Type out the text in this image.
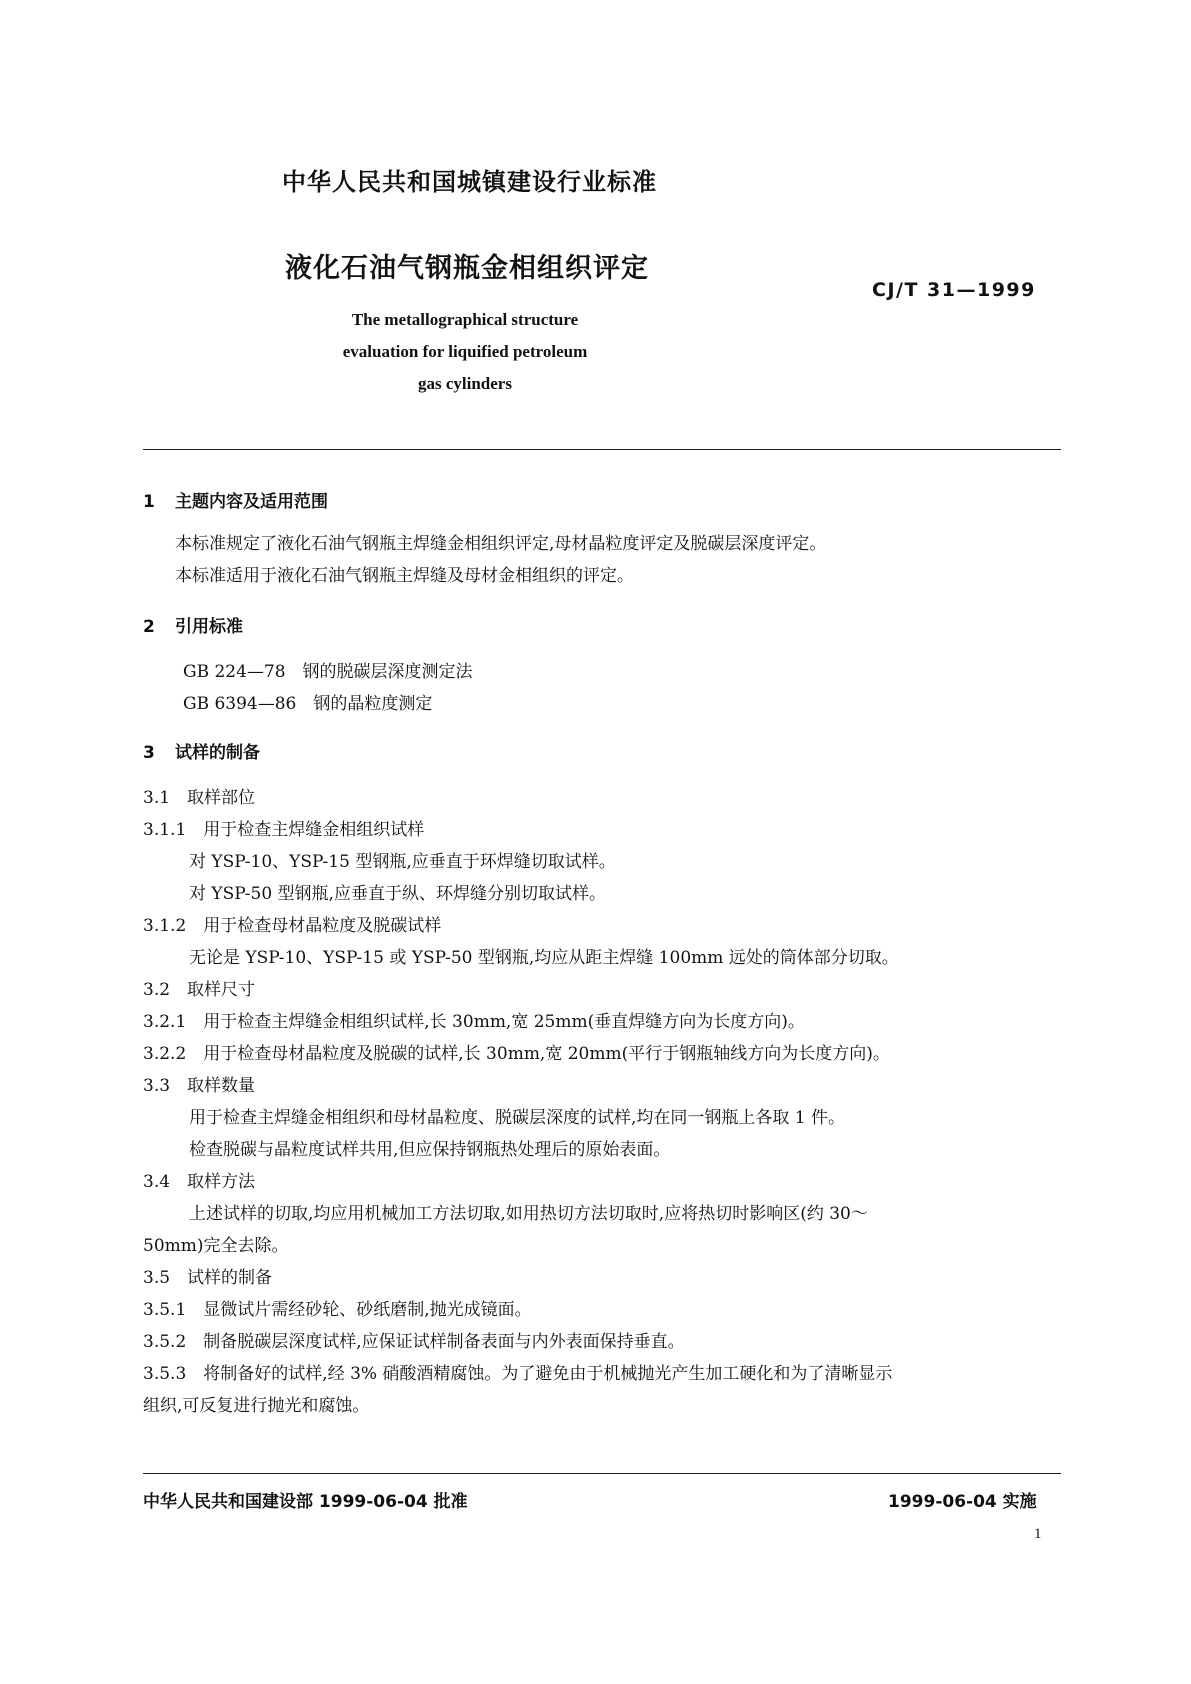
中华人民共和国城镇建设行业标准
液化石油气钢瓶金相组织评定
CJ/T 31—1999
The metallographical structure
evaluation for liquified petroleum
gas cylinders
1 主题内容及适用范围
本标准规定了液化石油气钢瓶主焊缝金相组织评定,母材晶粒度评定及脱碳层深度评定。
本标准适用于液化石油气钢瓶主焊缝及母材金相组织的评定。
2 引用标准
GB 224—78　钢的脱碳层深度测定法
GB 6394—86　钢的晶粒度测定
3 试样的制备
3.1　取样部位
3.1.1　用于检查主焊缝金相组织试样
对 YSP-10、YSP-15 型钢瓶,应垂直于环焊缝切取试样。
对 YSP-50 型钢瓶,应垂直于纵、环焊缝分别切取试样。
3.1.2　用于检查母材晶粒度及脱碳试样
无论是 YSP-10、YSP-15 或 YSP-50 型钢瓶,均应从距主焊缝 100mm 远处的筒体部分切取。
3.2　取样尺寸
3.2.1　用于检查主焊缝金相组织试样,长 30mm,宽 25mm(垂直焊缝方向为长度方向)。
3.2.2　用于检查母材晶粒度及脱碳的试样,长 30mm,宽 20mm(平行于钢瓶轴线方向为长度方向)。
3.3　取样数量
用于检查主焊缝金相组织和母材晶粒度、脱碳层深度的试样,均在同一钢瓶上各取 1 件。
检查脱碳与晶粒度试样共用,但应保持钢瓶热处理后的原始表面。
3.4　取样方法
上述试样的切取,均应用机械加工方法切取,如用热切方法切取时,应将热切时影响区(约 30～
50mm)完全去除。
3.5　试样的制备
3.5.1　显微试片需经砂轮、砂纸磨制,抛光成镜面。
3.5.2　制备脱碳层深度试样,应保证试样制备表面与内外表面保持垂直。
3.5.3　将制备好的试样,经 3% 硝酸酒精腐蚀。为了避免由于机械抛光产生加工硬化和为了清晰显示
组织,可反复进行抛光和腐蚀。
中华人民共和国建设部 1999-06-04 批准	1999-06-04 实施
1
